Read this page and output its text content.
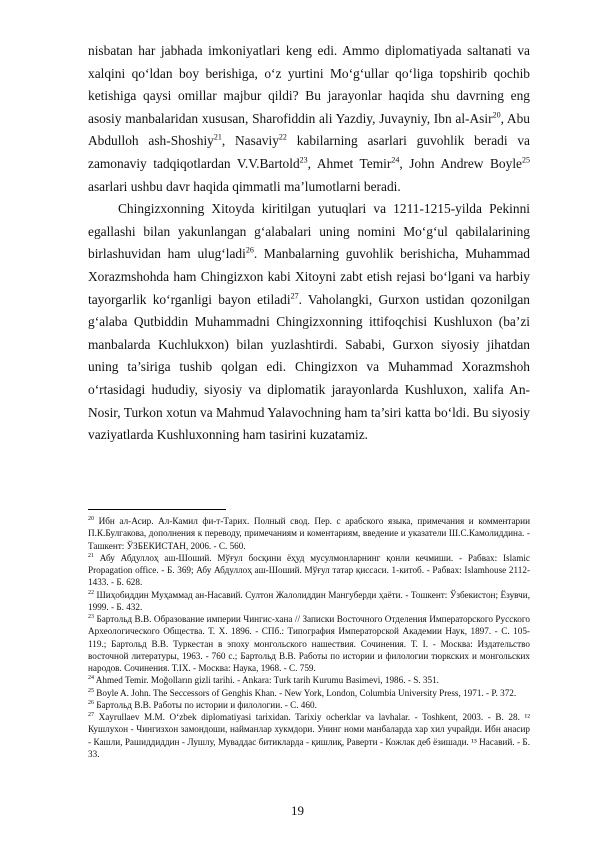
nisbatan har jabhada imkoniyatlari keng edi. Ammo diplomatiyada saltanati va xalqini qo‘ldan boy berishiga, o‘z yurtini Mo‘g‘ullar qo‘liga topshirib qochib ketishiga qaysi omillar majbur qildi? Bu jarayonlar haqida shu davrning eng asosiy manbalaridan xususan, Sharofiddin ali Yazdiy, Juvayniy, Ibn al-Asir$^{20}$, Abu Abdulloh ash-Shoshiy$^{21}$, Nasaviy$^{22}$ kabilarning asarlari guvohlik beradi va zamonaviy tadqiqotlardan V.V.Bartold$^{23}$, Ahmet Temir$^{24}$, John Andrew Boyle$^{25}$ asarlari ushbu davr haqida qimmatli ma’lumotlarni beradi.

Chingizxonning Xitoyda kiritilgan yutuqlari va 1211-1215-yilda Pekinni egallashi bilan yakunlangan g‘alabalari uning nomini Mo‘g‘ul qabilalarining birlashuvidan ham ulug‘ladi$^{26}$. Manbalarning guvohlik berishicha, Muhammad Xorazmshohda ham Chingizxon kabi Xitoyni zabt etish rejasi bo‘lgani va harbiy tayorgarlik ko‘rganligi bayon etiladi$^{27}$. Vaholangki, Gurxon ustidan qozonilgan g‘alaba Qutbiddin Muhammadni Chingizxonning ittifoqchisi Kushluxon (ba’zi manbalarda Kuchlukxon) bilan yuzlashtirdi. Sababi, Gurxon siyosiy jihatdan uning ta’siriga tushib qolgan edi. Chingizxon va Muhammad Xorazmshoh o‘rtasidagi hududiy, siyosiy va diplomatik jarayonlarda Kushluxon, xalifa An-Nosir, Turkon xotun va Mahmud Yalavochning ham ta’siri katta bo‘ldi. Bu siyosiy vaziyatlarda Kushluxonning ham tasirini kuzatamiz.

$^{20}$ Ибн ал-Асир. Ал-Камил фи-т-Тарих. Полный свод. Пер. с арабского языка, примечания и комментарии П.К.Булгакова, дополнения к переводу, примечаниям и коментариям, введение и указатели Ш.С.Камолиддина. - Ташкент: ЎЗБЕКИСТАН, 2006. - С. 560.

$^{21}$ Абу Абдуллоҳ аш-Шоший. Мўғул босқини ёҳуд мусулмонларнинг қонли кечмиши. - Рабвах: Islamic Propagation office. - Б. 369; Абу Абдуллоҳ аш-Шоший. Мўғул татар қиссаси. 1-китоб. - Рабвах: Islamhouse 2112-1433. - Б. 628.

$^{22}$ Шиҳобиддин Муҳаммад ан-Насавий. Султон Жалолиддин Мангуберди ҳаёти. - Тошкент: Ўзбекистон; Ёзувчи, 1999. - Б. 432.

$^{23}$ Бартольд В.В. Образование империи Чингис-хана // Записки Восточного Отделения Императорского Русского Археологического Общества. Т. Х. 1896. - СПб.: Типография Императорской Академии Наук, 1897. - С. 105-119.; Бартольд В.В. Туркестан в эпоху монгольского нашествия. Сочинения. Т. I. - Москва: Издательство восточной литературы, 1963. - 760 с.; Бартольд В.В. Работы по истории и филологии тюркских и монгольских народов. Сочинения. Т.IX. - Москва: Наука, 1968. - С. 759.

$^{24}$ Ahmed Temir. Moğolların gizli tarihi. - Ankara: Turk tarih Kurumu Basimevi, 1986. - S. 351.

$^{25}$ Boyle A. John. The Seccessors of Genghis Khan. - New York, London, Columbia University Press, 1971. - P. 372.

$^{26}$ Бартольд В.В. Работы по истории и филологии. - С. 460.

$^{27}$ Xayrullaev M.M. O‘zbek diplomatiyasi tarixidan. Tarixiy ocherklar va lavhalar. - Toshkent, 2003. - B. 28. ¹² Кушлухон - Чингизхон замондоши, найманлар хукмдори. Унинг номи манбаларда хар хил учрайди. Ибн анасир - Кашли, Рашиддиддин - Лушлу, Муваддас битикларда - қишлиқ, Раверти - Кожлак деб ёзишади. ¹³ Насавий. - Б. 33.

19
